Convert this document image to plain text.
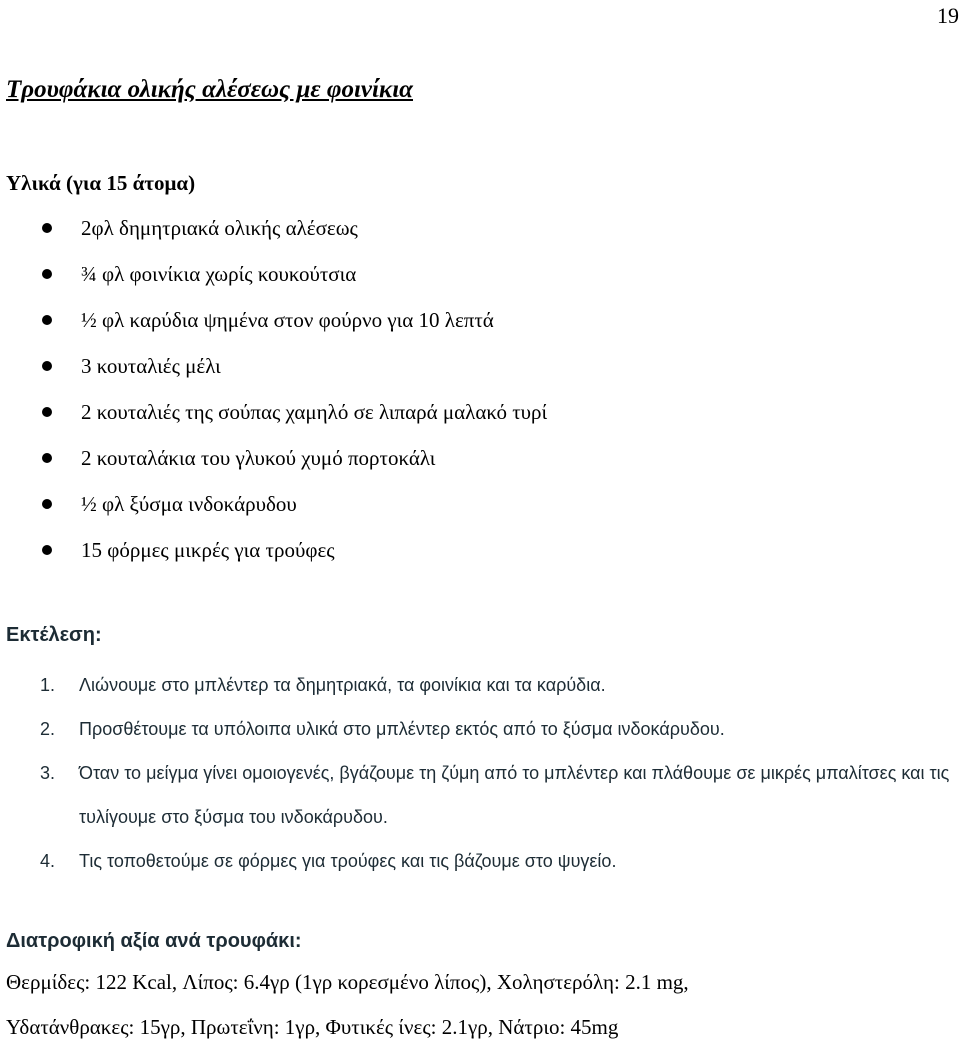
19
Τρουφάκια ολικής αλέσεως με φοινίκια
Υλικά (για 15 άτομα)
2φλ δημητριακά ολικής αλέσεως
¾ φλ φοινίκια χωρίς κουκούτσια
½ φλ καρύδια ψημένα στον φούρνο για 10 λεπτά
3 κουταλιές μέλι
2 κουταλιές της σούπας χαμηλό σε λιπαρά μαλακό τυρί
2 κουταλάκια του γλυκού χυμό πορτοκάλι
½ φλ ξύσμα ινδοκάρυδου
15 φόρμες μικρές για τρούφες
Εκτέλεση:
1. Λιώνουμε στο μπλέντερ τα δημητριακά, τα φοινίκια και τα καρύδια.
2. Προσθέτουμε τα υπόλοιπα υλικά στο μπλέντερ εκτός από το ξύσμα ινδοκάρυδου.
3. Όταν το μείγμα γίνει ομοιογενές, βγάζουμε τη ζύμη από το μπλέντερ και πλάθουμε σε μικρές μπαλίτσες και τις τυλίγουμε στο ξύσμα του ινδοκάρυδου.
4. Τις τοποθετούμε σε φόρμες για τρούφες και τις βάζουμε στο ψυγείο.
Διατροφική αξία ανά τρουφάκι:
Θερμίδες: 122 Kcal, Λίπος: 6.4γρ (1γρ κορεσμένο λίπος), Χοληστερόλη: 2.1 mg,
Υδατάνθρακες: 15γρ, Πρωτεΐνη: 1γρ, Φυτικές ίνες: 2.1γρ, Νάτριο: 45mg
